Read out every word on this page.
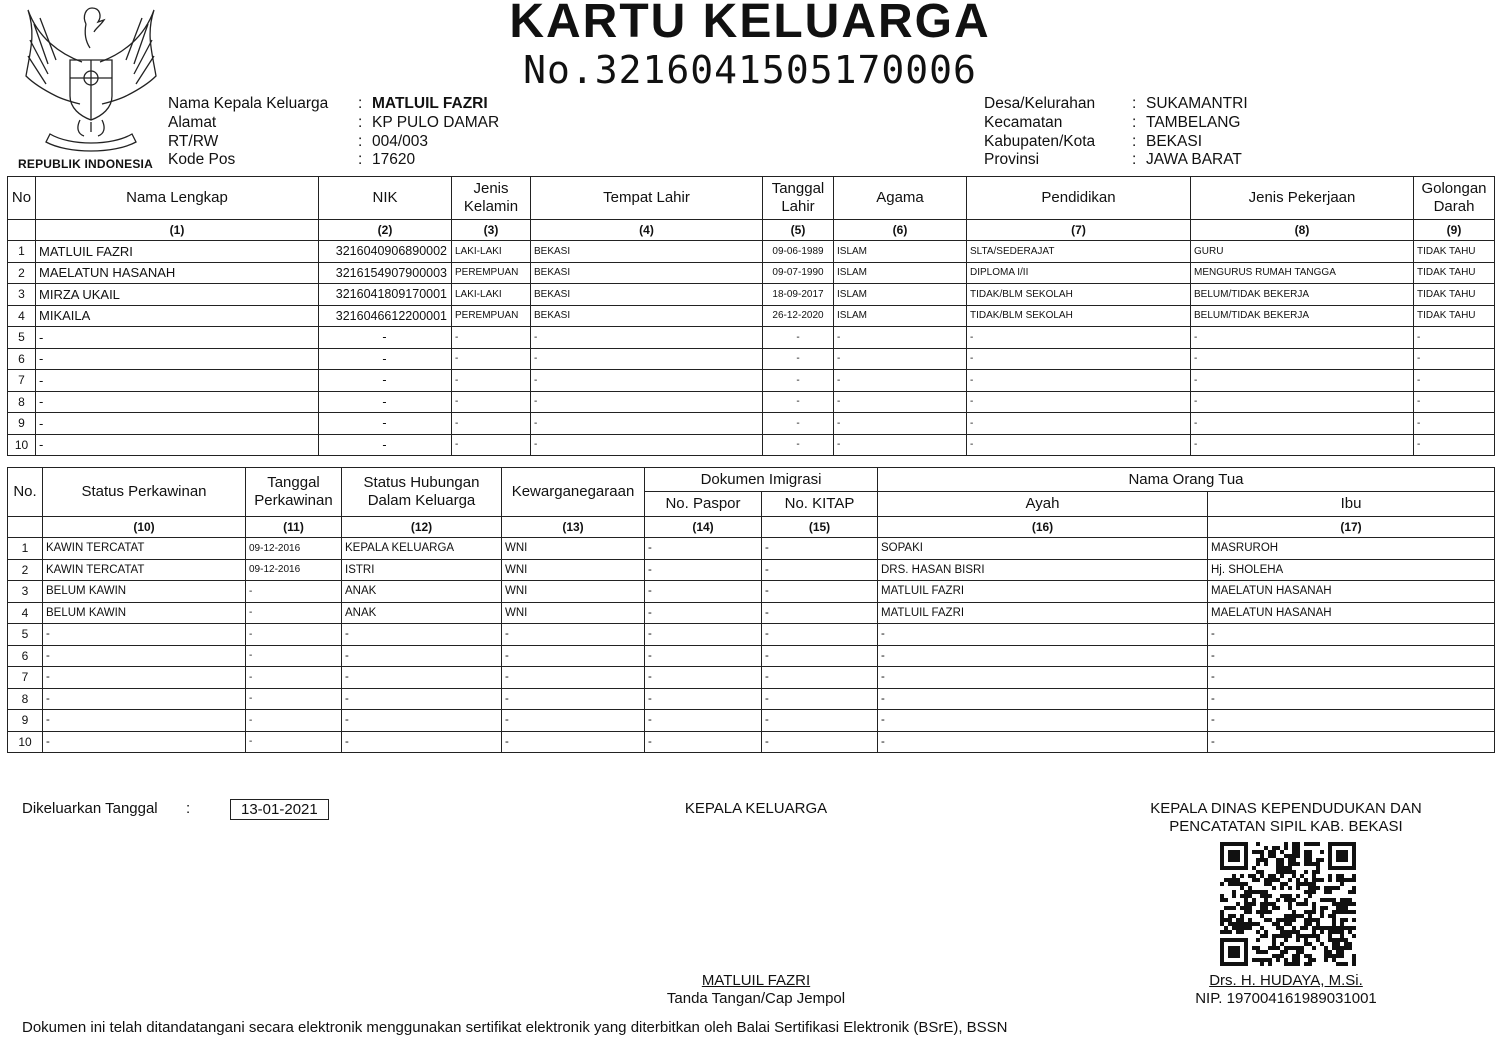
REPUBLIK INDONESIA
KARTU KELUARGA
No.3216041505170006
Nama Kepala Keluarga	: MATLUIL FAZRI
Alamat	: KP PULO DAMAR
RT/RW	: 004/003
Kode Pos	: 17620
Desa/Kelurahan	: SUKAMANTRI
Kecamatan	: TAMBELANG
Kabupaten/Kota	: BEKASI
Provinsi	: JAWA BARAT
No	Nama Lengkap	NIK	Jenis Kelamin	Tempat Lahir	Tanggal Lahir	Agama	Pendidikan	Jenis Pekerjaan	Golongan Darah
	(1)	(2)	(3)	(4)	(5)	(6)	(7)	(8)	(9)
1	MATLUIL FAZRI	3216040906890002	LAKI-LAKI	BEKASI	09-06-1989	ISLAM	SLTA/SEDERAJAT	GURU	TIDAK TAHU
2	MAELATUN HASANAH	3216154907900003	PEREMPUAN	BEKASI	09-07-1990	ISLAM	DIPLOMA I/II	MENGURUS RUMAH TANGGA	TIDAK TAHU
3	MIRZA UKAIL	3216041809170001	LAKI-LAKI	BEKASI	18-09-2017	ISLAM	TIDAK/BLM SEKOLAH	BELUM/TIDAK BEKERJA	TIDAK TAHU
4	MIKAILA	3216046612200001	PEREMPUAN	BEKASI	26-12-2020	ISLAM	TIDAK/BLM SEKOLAH	BELUM/TIDAK BEKERJA	TIDAK TAHU
5	-	-	-	-	-	-	-	-	-
6	-	-	-	-	-	-	-	-	-
7	-	-	-	-	-	-	-	-	-
8	-	-	-	-	-	-	-	-	-
9	-	-	-	-	-	-	-	-	-
10	-	-	-	-	-	-	-	-	-
No.	Status Perkawinan	Tanggal Perkawinan	Status Hubungan Dalam Keluarga	Kewarganegaraan	Dokumen Imigrasi		Nama Orang Tua	
					No. Paspor	No. KITAP	Ayah	Ibu
	(10)	(11)	(12)	(13)	(14)	(15)	(16)	(17)
1	KAWIN TERCATAT	09-12-2016	KEPALA KELUARGA	WNI	-	-	SOPAKI	MASRUROH
2	KAWIN TERCATAT	09-12-2016	ISTRI	WNI	-	-	DRS. HASAN BISRI	Hj. SHOLEHA
3	BELUM KAWIN	-	ANAK	WNI	-	-	MATLUIL FAZRI	MAELATUN HASANAH
4	BELUM KAWIN	-	ANAK	WNI	-	-	MATLUIL FAZRI	MAELATUN HASANAH
5	-	-	-	-	-	-	-	-
6	-	-	-	-	-	-	-	-
7	-	-	-	-	-	-	-	-
8	-	-	-	-	-	-	-	-
9	-	-	-	-	-	-	-	-
10	-	-	-	-	-	-	-	-
Dikeluarkan Tanggal :	13-01-2021	KEPALA KELUARGA
MATLUIL FAZRI
Tanda Tangan/Cap Jempol
KEPALA DINAS KEPENDUDUKAN DAN
PENCATATAN SIPIL KAB. BEKASI
Drs. H. HUDAYA, M.Si.
NIP. 197004161989031001
Dokumen ini telah ditandatangani secara elektronik menggunakan sertifikat elektronik yang diterbitkan oleh Balai Sertifikasi Elektronik (BSrE), BSSN
